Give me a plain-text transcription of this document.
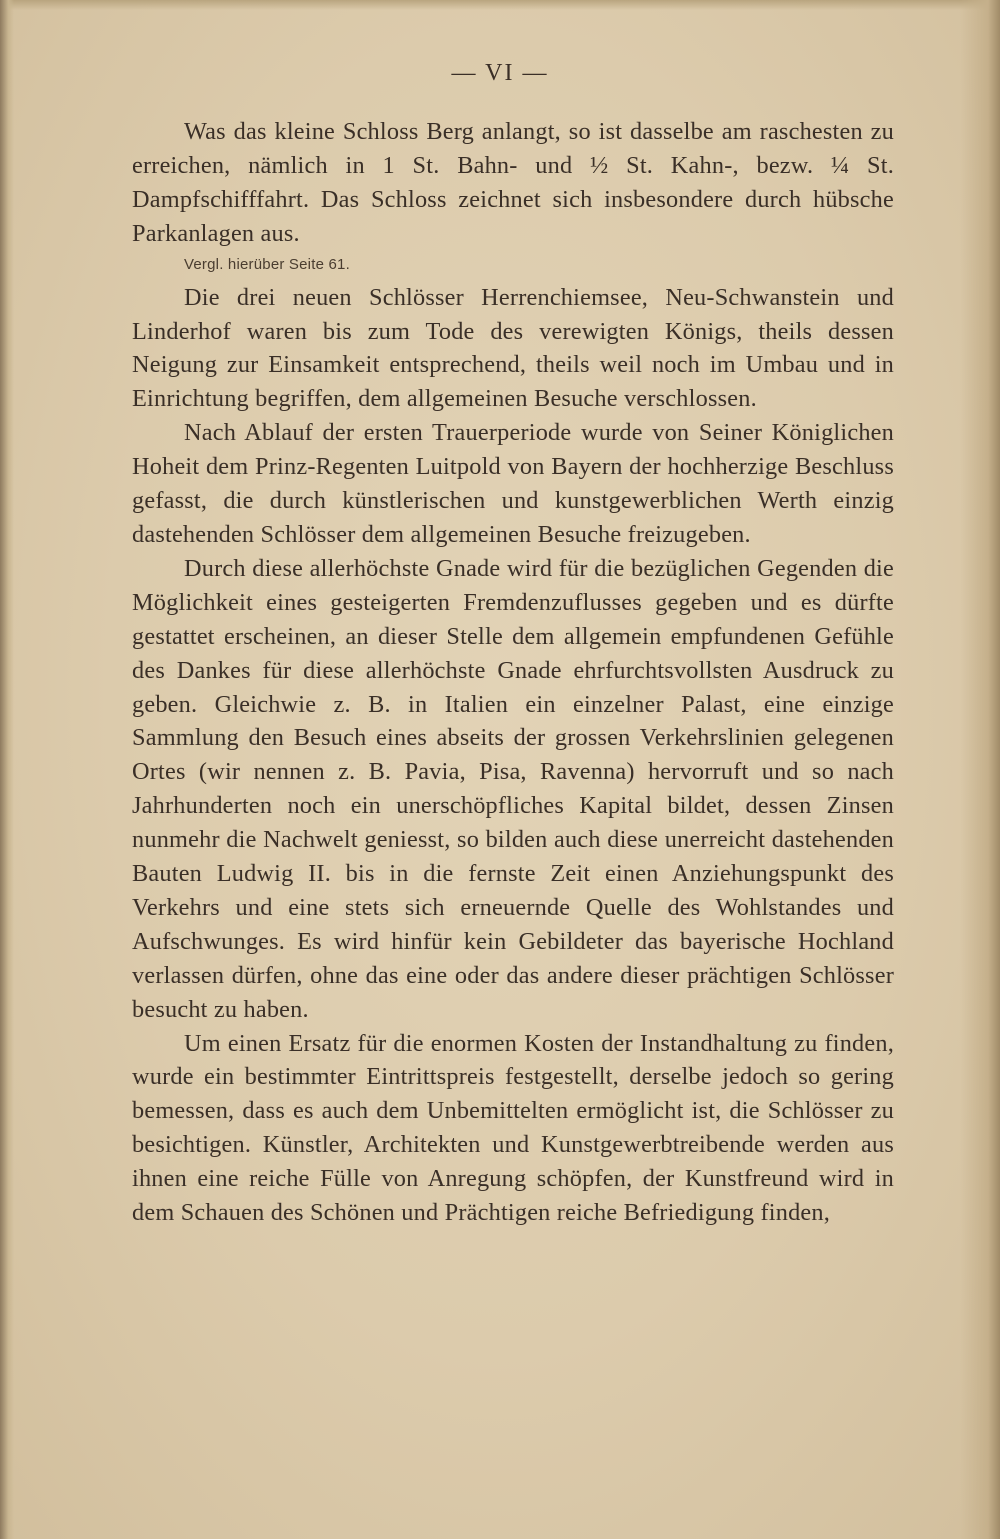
— VI —

Was das kleine Schloss Berg anlangt, so ist dasselbe am raschesten zu erreichen, nämlich in 1 St. Bahn- und ½ St. Kahn-, bezw. ¼ St. Dampfschifffahrt. Das Schloss zeichnet sich insbesondere durch hübsche Parkanlagen aus.

Vergl. hierüber Seite 61.

Die drei neuen Schlösser Herrenchiemsee, Neu-Schwanstein und Linderhof waren bis zum Tode des verewigten Königs, theils dessen Neigung zur Einsamkeit entsprechend, theils weil noch im Umbau und in Einrichtung begriffen, dem allgemeinen Besuche verschlossen.

Nach Ablauf der ersten Trauerperiode wurde von Seiner Königlichen Hoheit dem Prinz-Regenten Luitpold von Bayern der hochherzige Beschluss gefasst, die durch künstlerischen und kunstgewerblichen Werth einzig dastehenden Schlösser dem allgemeinen Besuche freizugeben.

Durch diese allerhöchste Gnade wird für die bezüglichen Gegenden die Möglichkeit eines gesteigerten Fremdenzuflusses gegeben und es dürfte gestattet erscheinen, an dieser Stelle dem allgemein empfundenen Gefühle des Dankes für diese allerhöchste Gnade ehrfurchtsvollsten Ausdruck zu geben. Gleichwie z. B. in Italien ein einzelner Palast, eine einzige Sammlung den Besuch eines abseits der grossen Verkehrslinien gelegenen Ortes (wir nennen z. B. Pavia, Pisa, Ravenna) hervorruft und so nach Jahrhunderten noch ein unerschöpfliches Kapital bildet, dessen Zinsen nunmehr die Nachwelt geniesst, so bilden auch diese unerreicht dastehenden Bauten Ludwig II. bis in die fernste Zeit einen Anziehungspunkt des Verkehrs und eine stets sich erneuernde Quelle des Wohlstandes und Aufschwunges. Es wird hinfür kein Gebildeter das bayerische Hochland verlassen dürfen, ohne das eine oder das andere dieser prächtigen Schlösser besucht zu haben.

Um einen Ersatz für die enormen Kosten der Instandhaltung zu finden, wurde ein bestimmter Eintrittspreis festgestellt, derselbe jedoch so gering bemessen, dass es auch dem Unbemittelten ermöglicht ist, die Schlösser zu besichtigen. Künstler, Architekten und Kunstgewerbtreibende werden aus ihnen eine reiche Fülle von Anregung schöpfen, der Kunstfreund wird in dem Schauen des Schönen und Prächtigen reiche Befriedigung finden,
